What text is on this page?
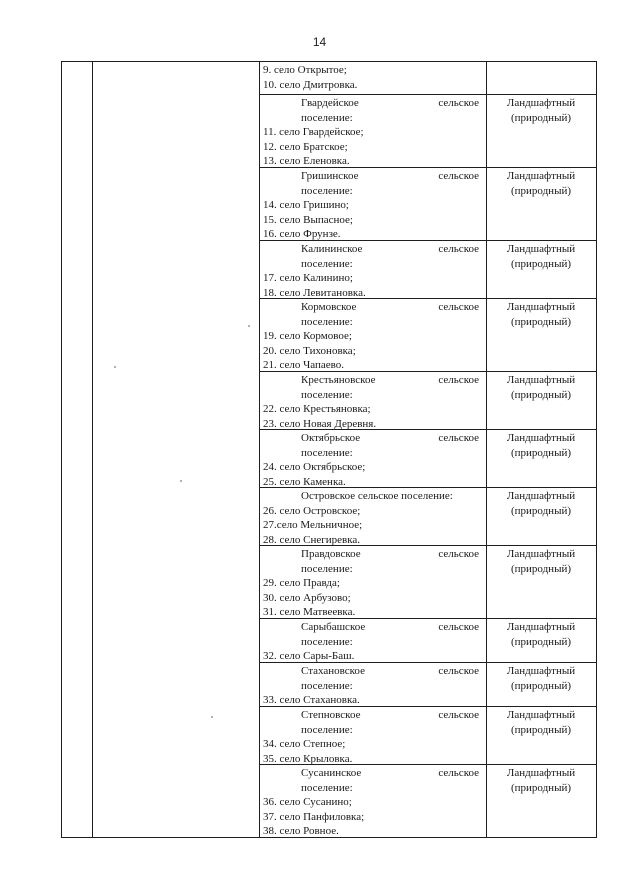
14
9. село Открытое;
10. село Дмитровка.
Гвардейское	сельское
поселение:
11. село Гвардейское;
12. село Братское;
13. село Еленовка.
Ландшафтный
(природный)
Гришинское	сельское
поселение:
14. село Гришино;
15. село Выпасное;
16. село Фрунзе.
Ландшафтный
(природный)
Калининское	сельское
поселение:
17. село Калинино;
18. село Левитановка.
Ландшафтный
(природный)
Кормовское	сельское
поселение:
19. село Кормовое;
20. село Тихоновка;
21. село Чапаево.
Ландшафтный
(природный)
Крестьяновское	сельское
поселение:
22. село Крестьяновка;
23. село Новая Деревня.
Ландшафтный
(природный)
Октябрьское	сельское
поселение:
24. село Октябрьское;
25. село Каменка.
Ландшафтный
(природный)
Островское сельское поселение:
26. село Островское;
27.село Мельничное;
28. село Снегиревка.
Ландшафтный
(природный)
Правдовское	сельское
поселение:
29. село Правда;
30. село Арбузово;
31. село Матвеевка.
Ландшафтный
(природный)
Сарыбашское	сельское
поселение:
32. село Сары-Баш.
Ландшафтный
(природный)
Стахановское	сельское
поселение:
33. село Стахановка.
Ландшафтный
(природный)
Степновское	сельское
поселение:
34. село Степное;
35. село Крыловка.
Ландшафтный
(природный)
Сусанинское	сельское
поселение:
36. село Сусанино;
37. село Панфиловка;
38. село Ровное.
Ландшафтный
(природный)
